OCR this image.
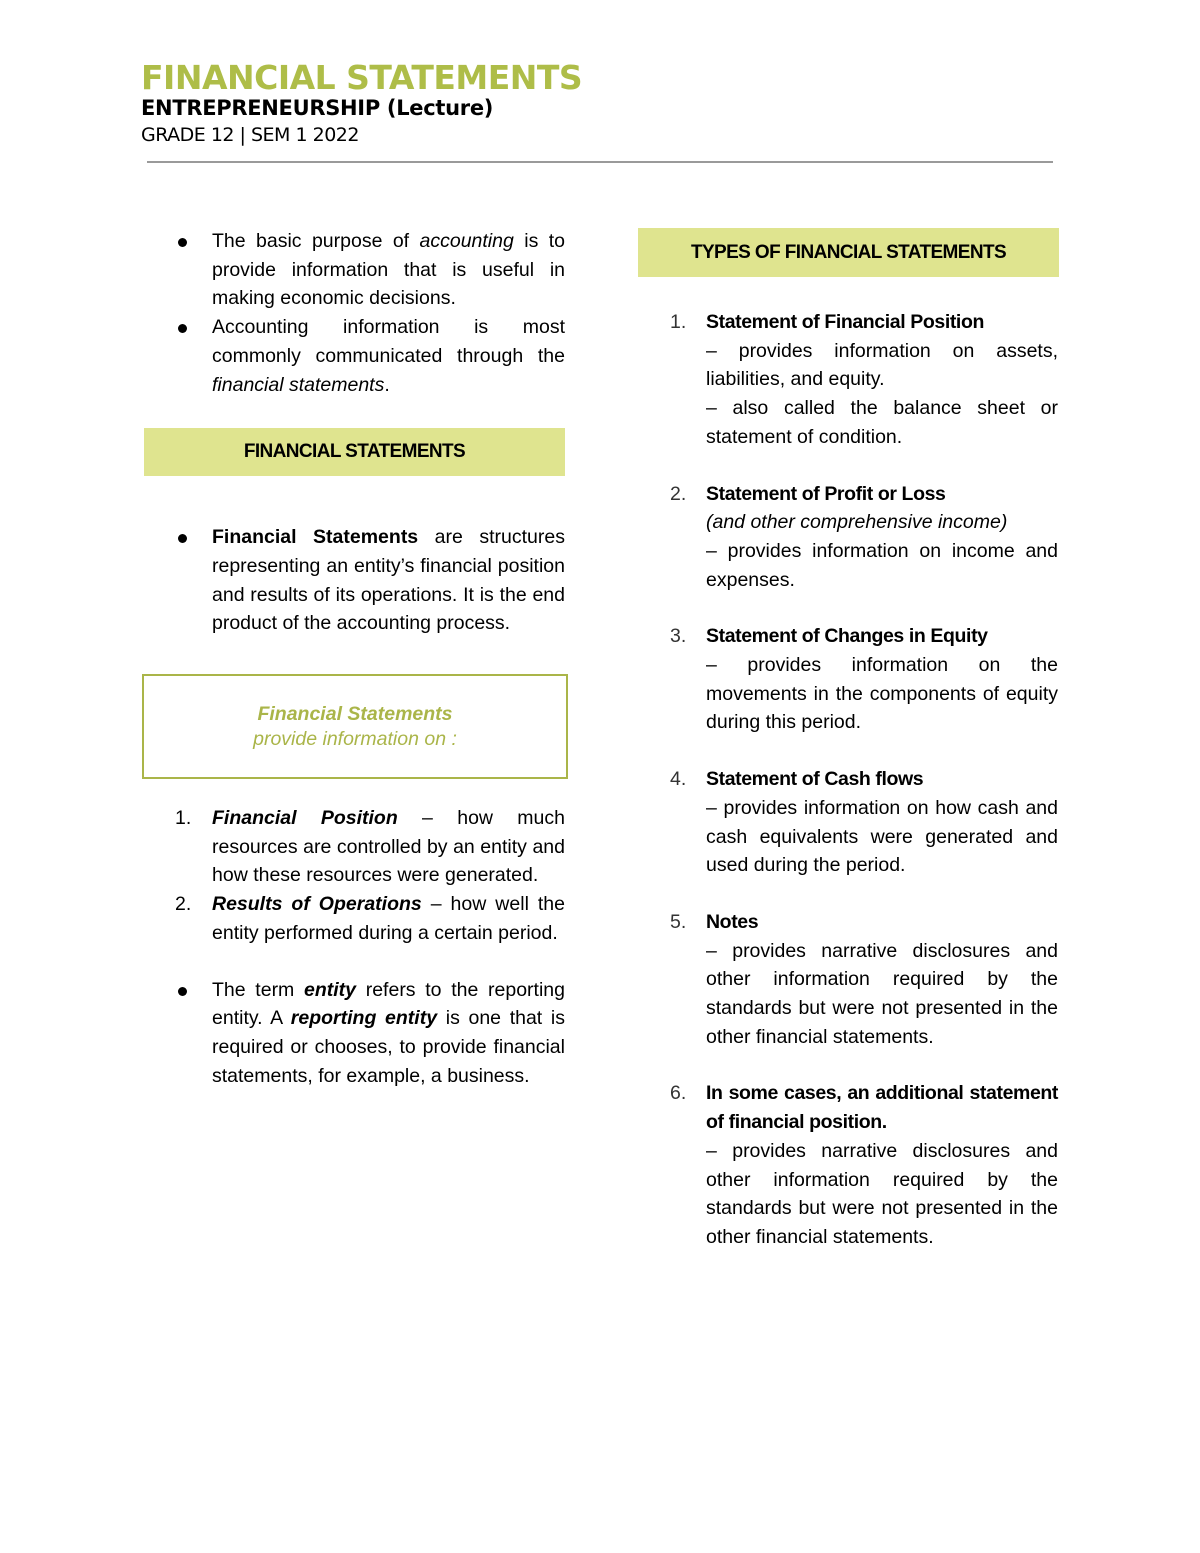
FINANCIAL STATEMENTS
ENTREPRENEURSHIP (Lecture)
GRADE 12 | SEM 1 2022
The basic purpose of accounting is to provide information that is useful in making economic decisions.
Accounting information is most commonly communicated through the financial statements.
Financial Statements are structures representing an entity’s financial position and results of its operations. It is the end product of the accounting process.
1. Financial Position – how much resources are controlled by an entity and how these resources were generated.
2. Results of Operations – how well the entity performed during a certain period.
The term entity refers to the reporting entity. A reporting entity is one that is required or chooses, to provide financial statements, for example, a business.
FINANCIAL STATEMENTS
Financial Statements
provide information on :
TYPES OF FINANCIAL STATEMENTS
1. Statement of Financial Position
– provides information on assets, liabilities, and equity.
– also called the balance sheet or statement of condition.
2. Statement of Profit or Loss
(and other comprehensive income)
– provides information on income and expenses.
3. Statement of Changes in Equity
– provides information on the movements in the components of equity during this period.
4. Statement of Cash flows
– provides information on how cash and cash equivalents were generated and used during the period.
5. Notes
– provides narrative disclosures and other information required by the standards but were not presented in the other financial statements.
6. In some cases, an additional statement of financial position.
– provides narrative disclosures and other information required by the standards but were not presented in the other financial statements.
